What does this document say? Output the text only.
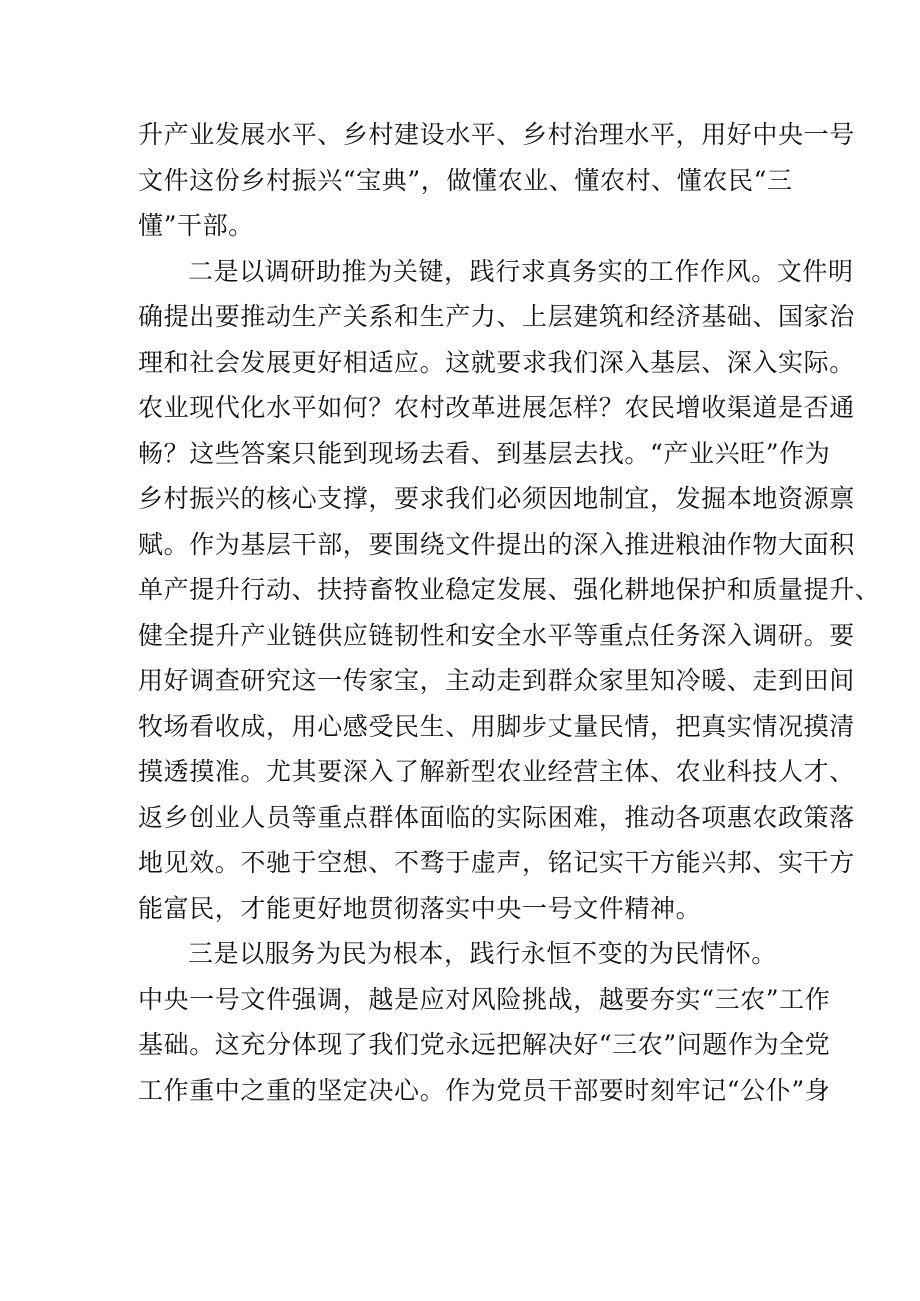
升产业发展水平、乡村建设水平、乡村治理水平，用好中央一号
文件这份乡村振兴“宝典”，做懂农业、懂农村、懂农民“三
懂”干部。
二是以调研助推为关键，践行求真务实的工作作风。文件明
确提出要推动生产关系和生产力、上层建筑和经济基础、国家治
理和社会发展更好相适应。这就要求我们深入基层、深入实际。
农业现代化水平如何？农村改革进展怎样？农民增收渠道是否通
畅？这些答案只能到现场去看、到基层去找。“产业兴旺”作为
乡村振兴的核心支撑，要求我们必须因地制宜，发掘本地资源禀
赋。作为基层干部，要围绕文件提出的深入推进粮油作物大面积
单产提升行动、扶持畜牧业稳定发展、强化耕地保护和质量提升、
健全提升产业链供应链韧性和安全水平等重点任务深入调研。要
用好调查研究这一传家宝，主动走到群众家里知冷暖、走到田间
牧场看收成，用心感受民生、用脚步丈量民情，把真实情况摸清
摸透摸准。尤其要深入了解新型农业经营主体、农业科技人才、
返乡创业人员等重点群体面临的实际困难，推动各项惠农政策落
地见效。不驰于空想、不骛于虚声，铭记实干方能兴邦、实干方
能富民，才能更好地贯彻落实中央一号文件精神。
三是以服务为民为根本，践行永恒不变的为民情怀。
中央一号文件强调，越是应对风险挑战，越要夯实“三农”工作
基础。这充分体现了我们党永远把解决好“三农”问题作为全党
工作重中之重的坚定决心。作为党员干部要时刻牢记“公仆”身
